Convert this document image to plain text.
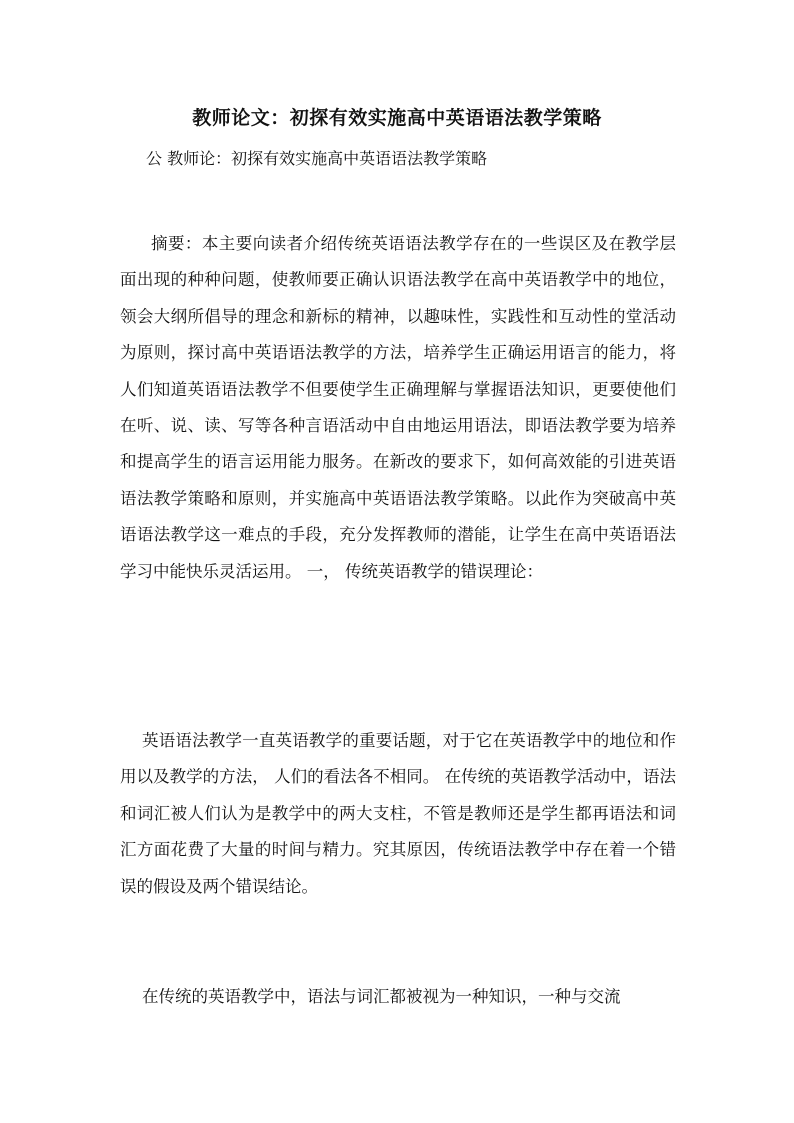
教师论文：初探有效实施高中英语语法教学策略
公 教师论：初探有效实施高中英语语法教学策略

摘要：本主要向读者介绍传统英语语法教学存在的一些误区及在教学层面出现的种种问题，使教师要正确认识语法教学在高中英语教学中的地位，领会大纲所倡导的理念和新标的精神，以趣味性，实践性和互动性的堂活动为原则，探讨高中英语语法教学的方法，培养学生正确运用语言的能力，将人们知道英语语法教学不但要使学生正确理解与掌握语法知识，更要使他们在听、说、读、写等各种言语活动中自由地运用语法，即语法教学要为培养和提高学生的语言运用能力服务。在新改的要求下，如何高效能的引进英语语法教学策略和原则，并实施高中英语语法教学策略。以此作为突破高中英语语法教学这一难点的手段，充分发挥教师的潜能，让学生在高中英语语法学习中能快乐灵活运用。 一， 传统英语教学的错误理论：

英语语法教学一直英语教学的重要话题，对于它在英语教学中的地位和作用以及教学的方法， 人们的看法各不相同。 在传统的英语教学活动中，语法和词汇被人们认为是教学中的两大支柱，不管是教师还是学生都再语法和词汇方面花费了大量的时间与精力。究其原因，传统语法教学中存在着一个错误的假设及两个错误结论。

在传统的英语教学中，语法与词汇都被视为一种知识，一种与交流
